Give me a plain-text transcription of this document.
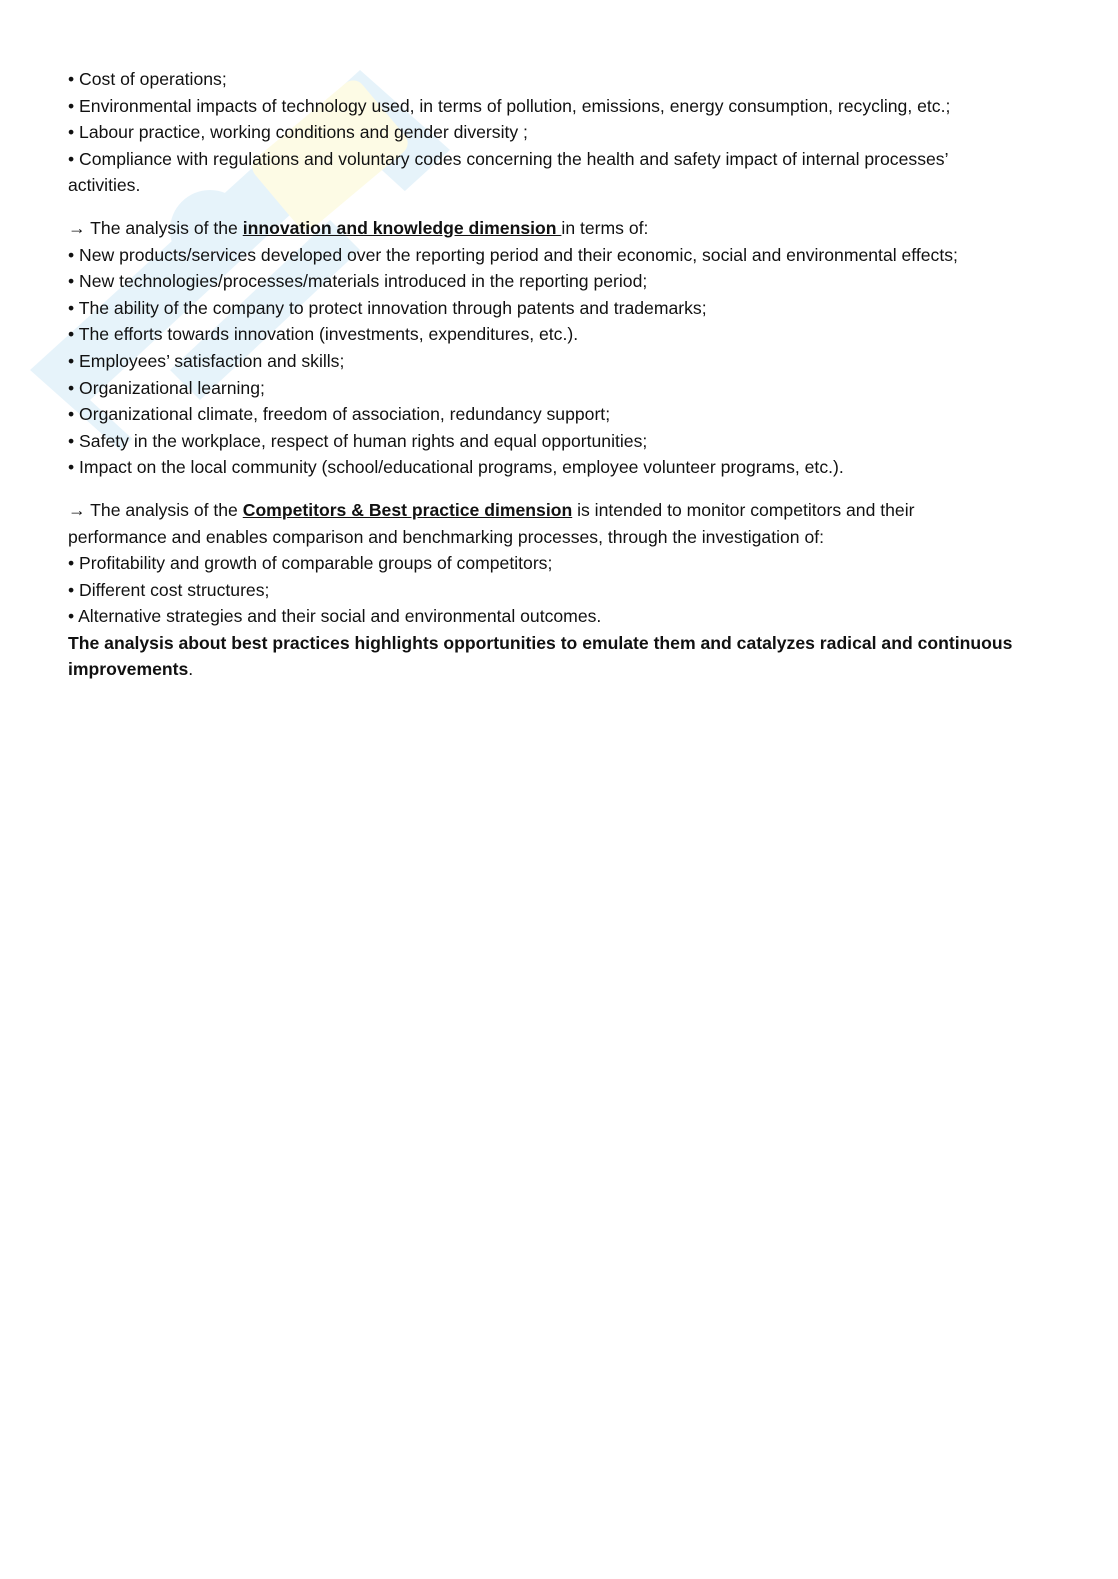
• Cost of operations;
• Environmental impacts of technology used, in terms of pollution, emissions, energy consumption, recycling, etc.;
• Labour practice, working conditions and gender diversity ;
• Compliance with regulations and voluntary codes concerning the health and safety impact of internal processes’ activities.
→ The analysis of the innovation and knowledge dimension in terms of:
• New products/services developed over the reporting period and their economic, social and environmental effects;
• New technologies/processes/materials introduced in the reporting period;
• The ability of the company to protect innovation through patents and trademarks;
• The efforts towards innovation (investments, expenditures, etc.).
• Employees’ satisfaction and skills;
• Organizational learning;
• Organizational climate, freedom of association, redundancy support;
• Safety in the workplace, respect of human rights and equal opportunities;
• Impact on the local community (school/educational programs, employee volunteer programs, etc.).
→ The analysis of the Competitors & Best practice dimension is intended to monitor competitors and their performance and enables comparison and benchmarking processes, through the investigation of:
• Profitability and growth of comparable groups of competitors;
• Different cost structures;
• Alternative strategies and their social and environmental outcomes.
The analysis about best practices highlights opportunities to emulate them and catalyzes radical and continuous improvements.
